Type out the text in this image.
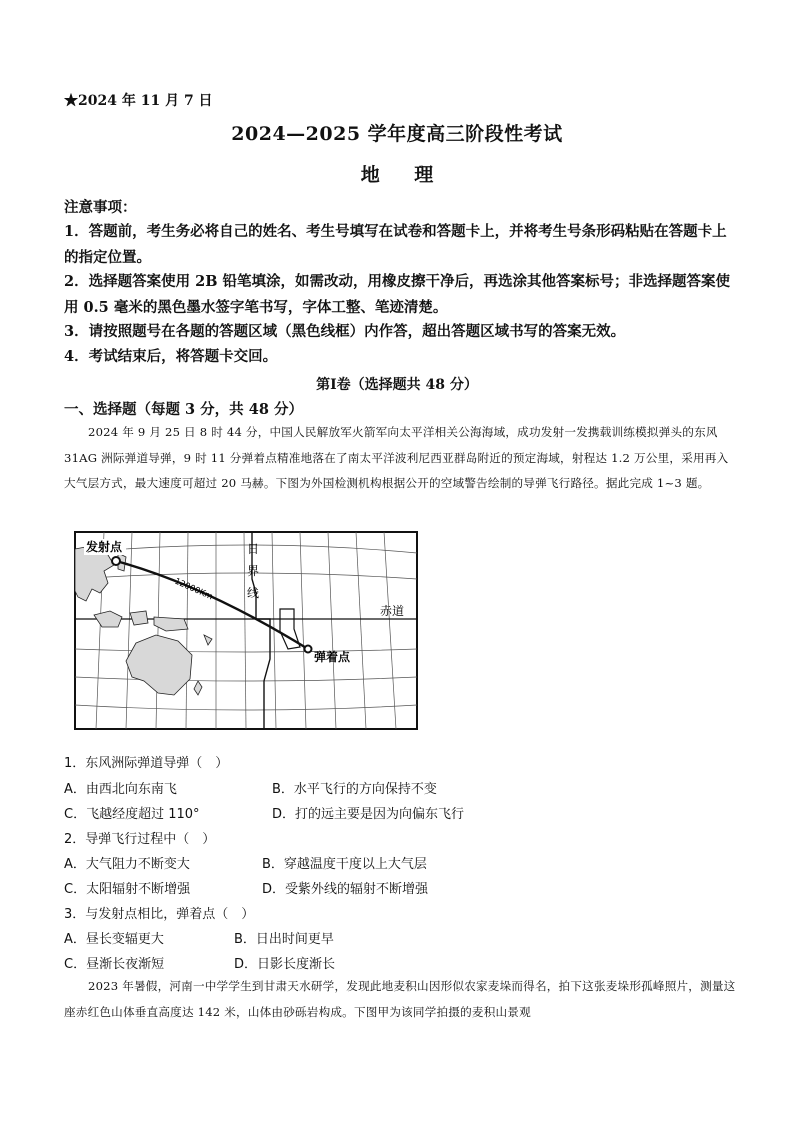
★2024 年 11 月 7 日
2024—2025 学年度高三阶段性考试
地 理
注意事项：
1．答题前，考生务必将自己的姓名、考生号填写在试卷和答题卡上，并将考生号条形码粘贴在答题卡上的指定位置。
2．选择题答案使用 2B 铅笔填涂，如需改动，用橡皮擦干净后，再选涂其他答案标号；非选择题答案使用 0.5 毫米的黑色墨水签字笔书写，字体工整、笔迹清楚。
3．请按照题号在各题的答题区域（黑色线框）内作答，超出答题区域书写的答案无效。
4．考试结束后，将答题卡交回。
第Ⅰ卷（选择题共 48 分）
一、选择题（每题 3 分，共 48 分）
2024 年 9 月 25 日 8 时 44 分，中国人民解放军火箭军向太平洋相关公海海域，成功发射一发携载训练模拟弹头的东风 31AG 洲际弹道导弹，9 时 11 分弹着点精准地落在了南太平洋波利尼西亚群岛附近的预定海域，射程达 1.2 万公里，采用再入大气层方式，最大速度可超过 20 马赫。下图为外国检测机构根据公开的空域警告绘制的导弹飞行路径。据此完成 1~3 题。
发射点
12000Km
日
界
线
赤道
弹着点
1．东风洲际弹道导弹（　）
A．由西北向东南飞	B．水平飞行的方向保持不变
C．飞越经度超过 110°	D．打的远主要是因为向偏东飞行
2．导弹飞行过程中（　）
A．大气阻力不断变大	B．穿越温度干度以上大气层
C．太阳辐射不断增强	D．受紫外线的辐射不断增强
3．与发射点相比，弹着点（　）
A．昼长变辐更大	B．日出时间更早
C．昼渐长夜渐短	D．日影长度渐长
2023 年暑假，河南一中学学生到甘肃天水研学，发现此地麦积山因形似农家麦垛而得名，拍下这张麦垛形孤峰照片，测量这座赤红色山体垂直高度达 142 米，山体由砂砾岩构成。下图甲为该同学拍摄的麦积山景观
